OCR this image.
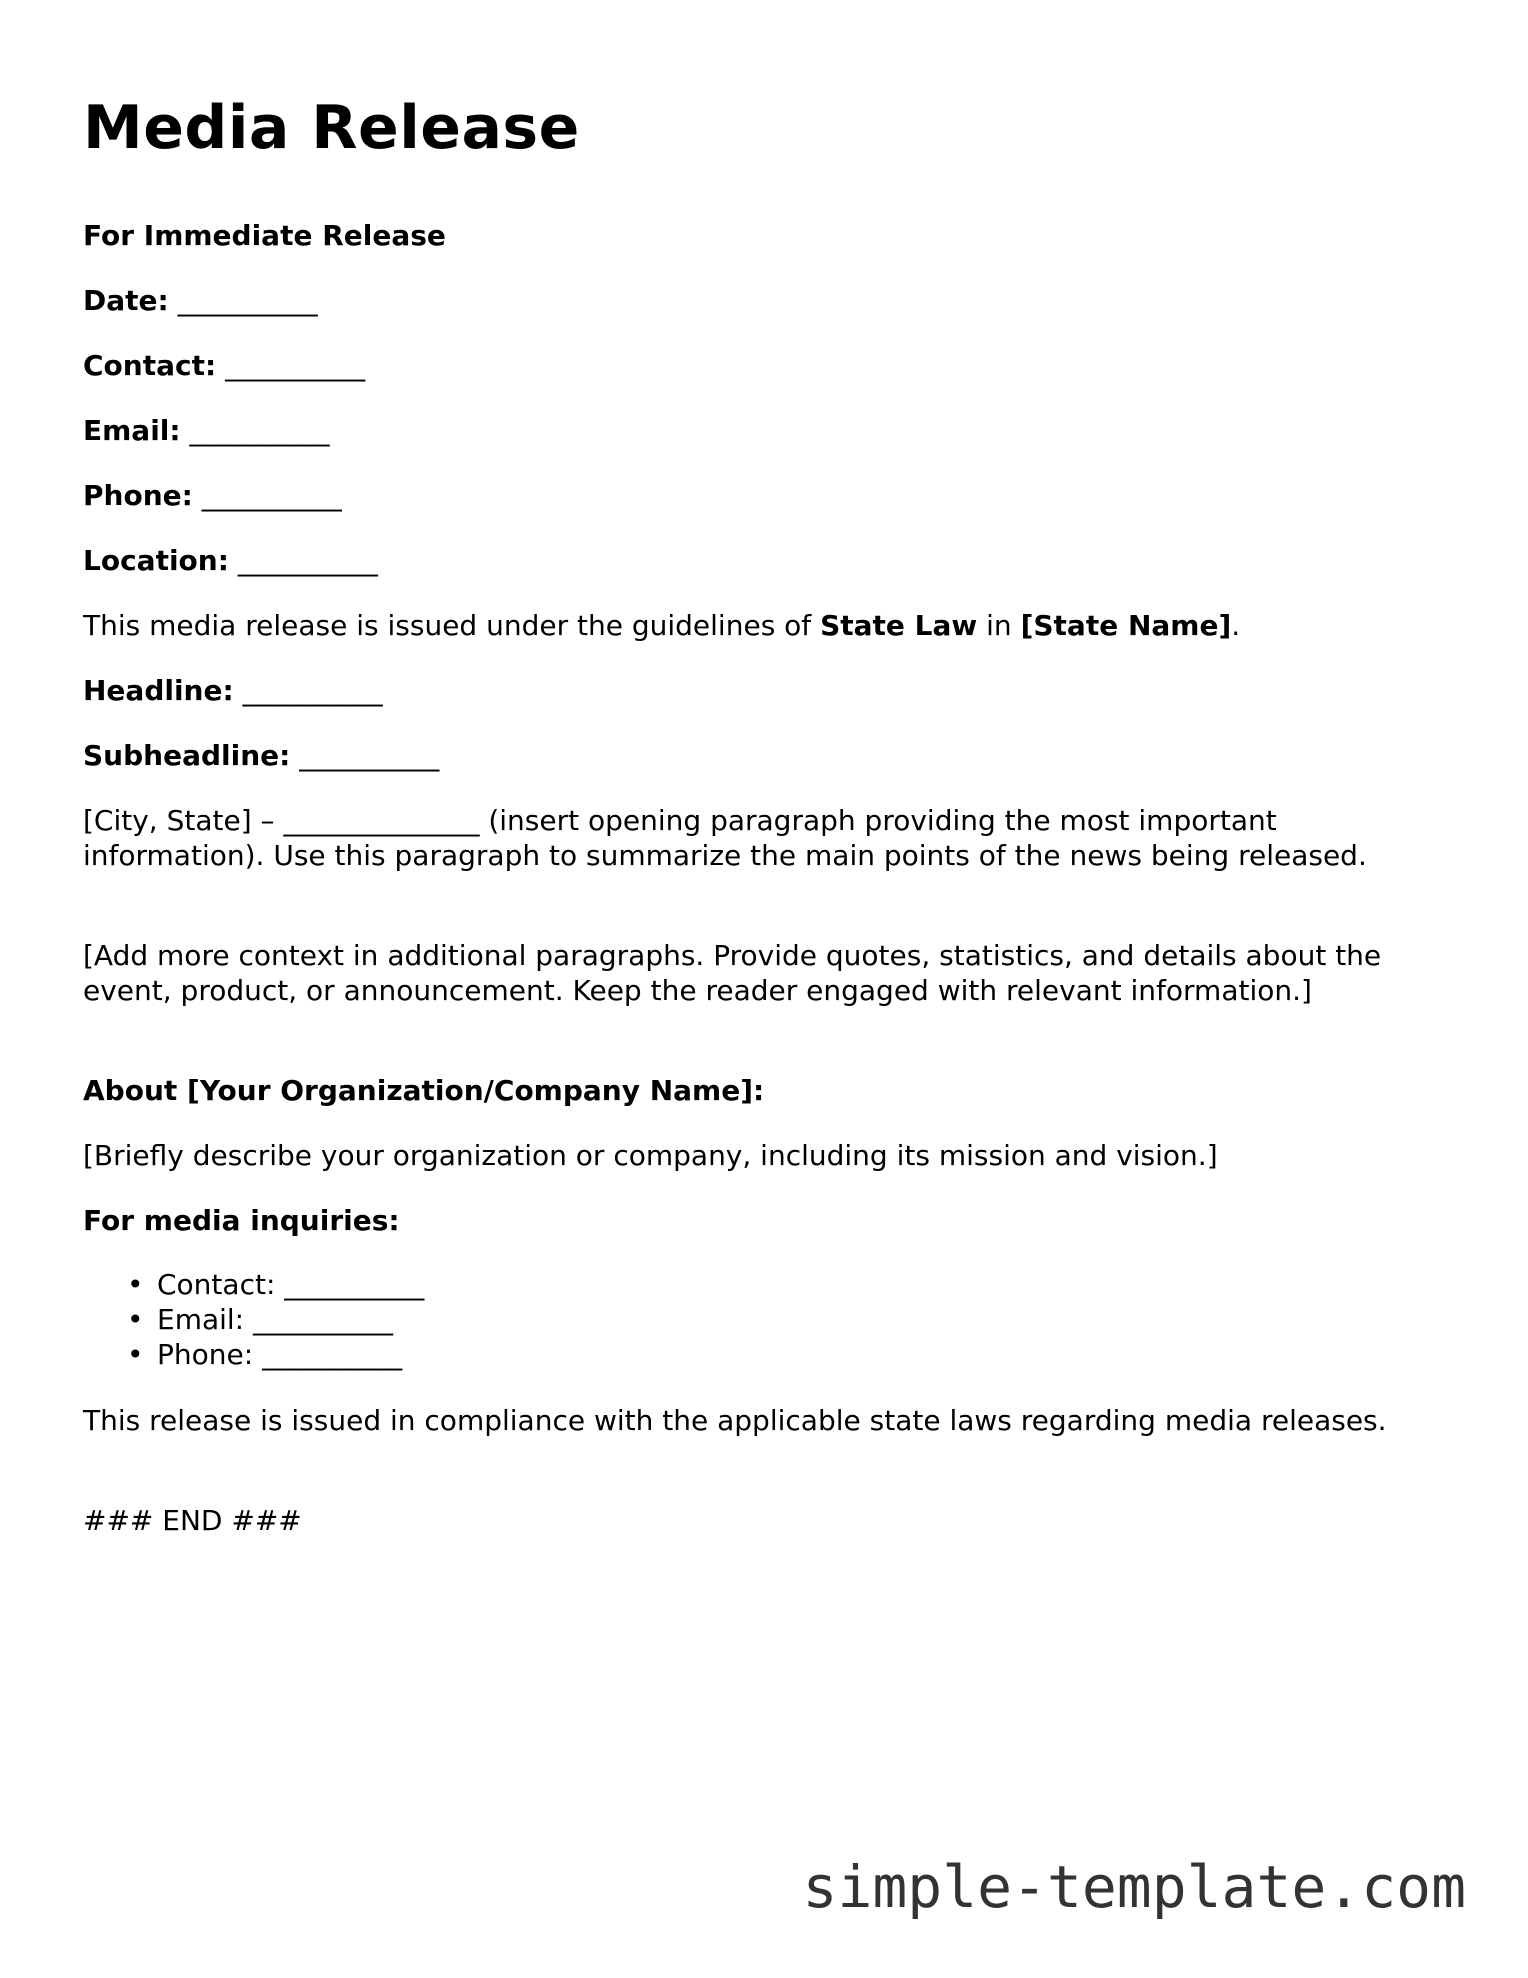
Media Release

For Immediate Release

Date: __________

Contact: __________

Email: __________

Phone: __________

Location: __________

This media release is issued under the guidelines of State Law in [State Name].

Headline: __________

Subheadline: __________

[City, State] – ______________ (insert opening paragraph providing the most important information). Use this paragraph to summarize the main points of the news being released.

[Add more context in additional paragraphs. Provide quotes, statistics, and details about the event, product, or announcement. Keep the reader engaged with relevant information.]

About [Your Organization/Company Name]:

[Briefly describe your organization or company, including its mission and vision.]

For media inquiries:

• Contact: __________
• Email: __________
• Phone: __________

This release is issued in compliance with the applicable state laws regarding media releases.

### END ###

simple-template.com
